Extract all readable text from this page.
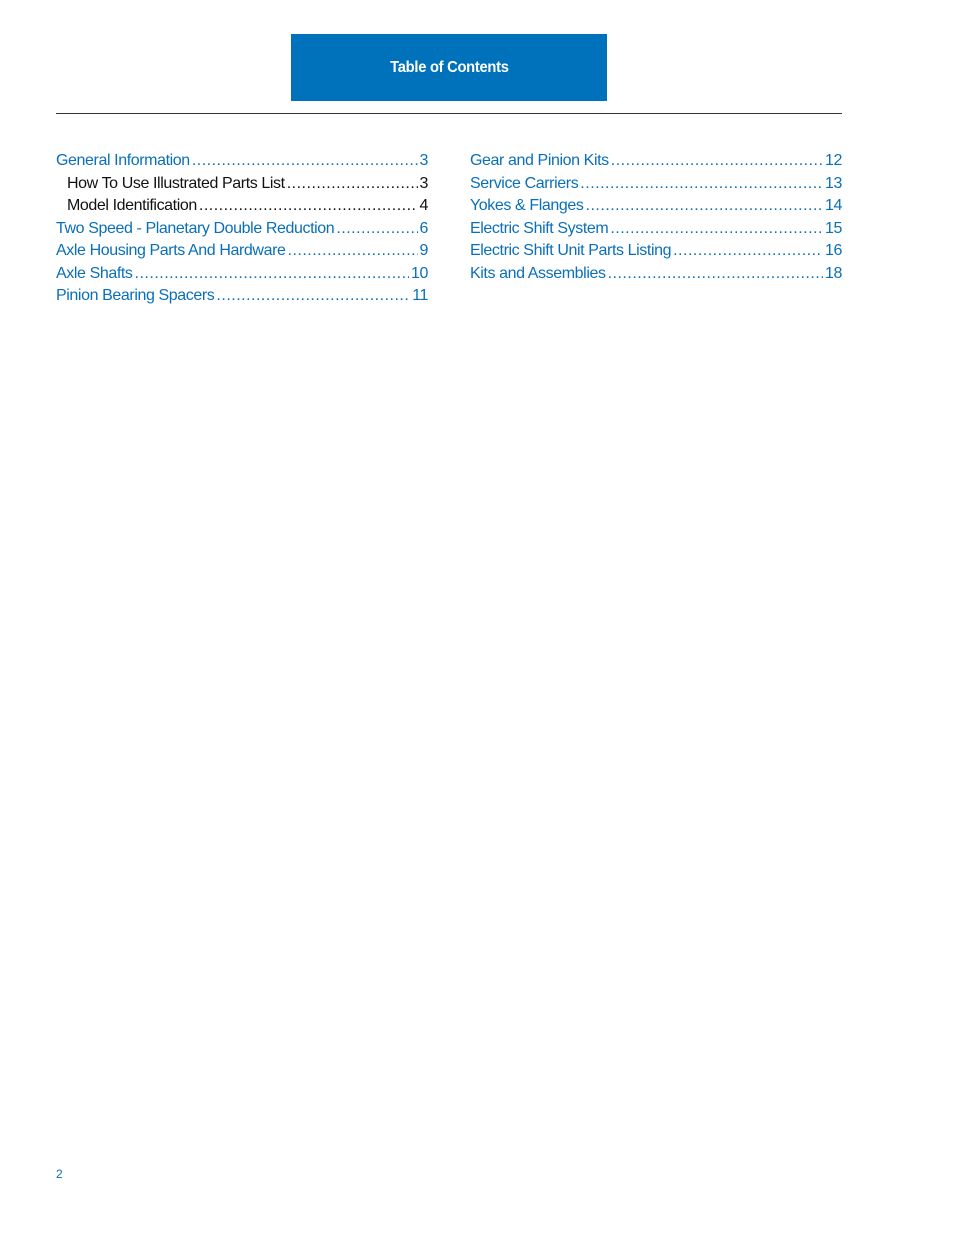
Table of Contents
General Information .....	3
How To Use Illustrated Parts List .....	3
Model Identification .....	4
Two Speed - Planetary Double Reduction .....	6
Axle Housing Parts And Hardware .....	9
Axle Shafts .....	10
Pinion Bearing Spacers .....	11
Gear and Pinion Kits .....	12
Service Carriers .....	13
Yokes & Flanges .....	14
Electric Shift System .....	15
Electric Shift Unit Parts Listing .....	16
Kits and Assemblies .....	18
2
